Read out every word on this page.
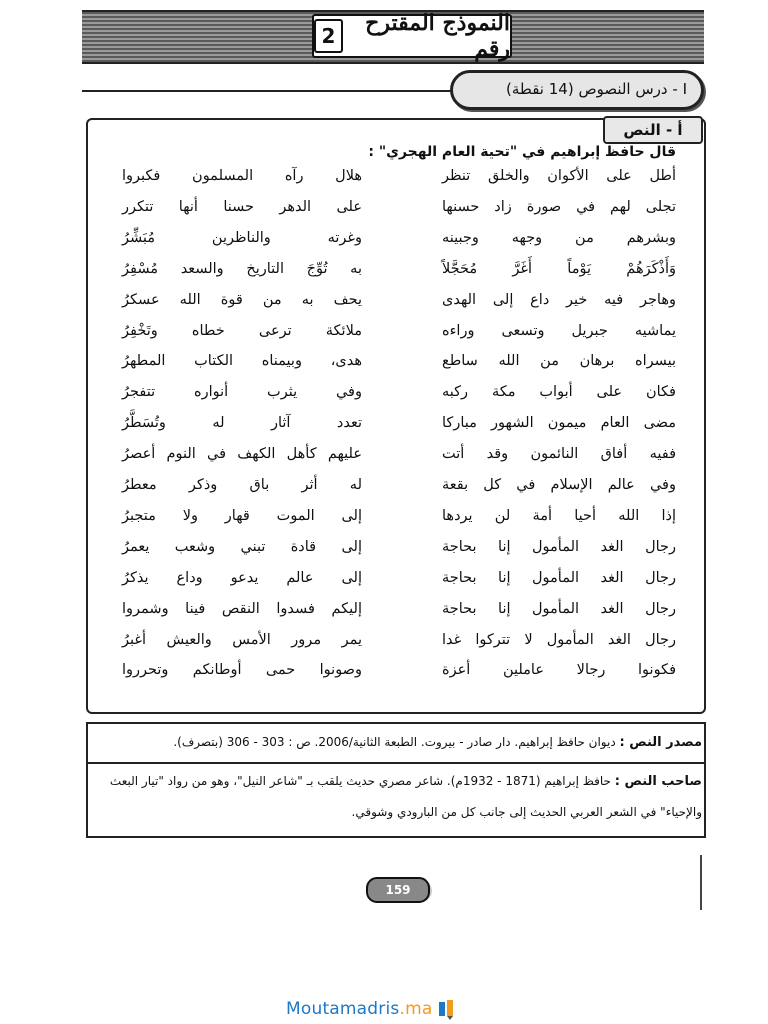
النموذج المقترح رقم
2
I - درس النصوص (14 نقطة)
أ - النص
قال حافظ إبراهيم في "تحية العام الهجري" :
أطل على الأكوان والخلق تنظر
هلال رآه المسلمون فكبروا
تجلى لهم في صورة زاد حسنها
على الدهر حسنا أنها تتكرر
وبشرهم من وجهه وجبينه
وغرته والناظرين مُبَشِّرُ
وَأَذْكَرَهُمْ يَوْماً أَغَرَّ مُحَجَّلاً
به تُوِّجَ التاريخ والسعد مُسْفِرُ
وهاجر فيه خير داع إلى الهدى
يحف به من قوة الله عسكرُ
يماشيه جبريل وتسعى وراءه
ملائكة ترعى خطاه وتَخْفِرُ
بيسراه برهان من الله ساطع
هدى، وبيمناه الكتاب المطهرُ
فكان على أبواب مكة ركبه
وفي يثرب أنواره تتفجرُ
مضى العام ميمون الشهور مباركا
تعدد آثار له وتُسَطَّرُ
ففيه أفاق النائمون وقد أتت
عليهم كأهل الكهف في النوم أعصرُ
وفي عالم الإسلام في كل بقعة
له أثر باق وذكر معطرُ
إذا الله أحيا أمة لن يردها
إلى الموت قهار ولا متجبرُ
رجال الغد المأمول إنا بحاجة
إلى قادة تبني وشعب يعمرُ
رجال الغد المأمول إنا بحاجة
إلى عالم يدعو وداع يذكرُ
رجال الغد المأمول إنا بحاجة
إليكم فسدوا النقص فينا وشمروا
رجال الغد المأمول لا تتركوا غدا
يمر مرور الأمس والعيش أغبرُ
فكونوا رجالا عاملين أعزة
وصونوا حمى أوطانكم وتحرروا
مصدر النص : ديوان حافظ إبراهيم. دار صادر - بيروت. الطبعة الثانية/2006. ص : 303 - 306 (بتصرف).
صاحب النص : حافظ إبراهيم (1871 - 1932م). شاعر مصري حديث يلقب بـ "شاعر النيل"، وهو من رواد "تيار البعث
والإحياء" في الشعر العربي الحديث إلى جانب كل من البارودي وشوقي.
159
Moutamadris.ma
